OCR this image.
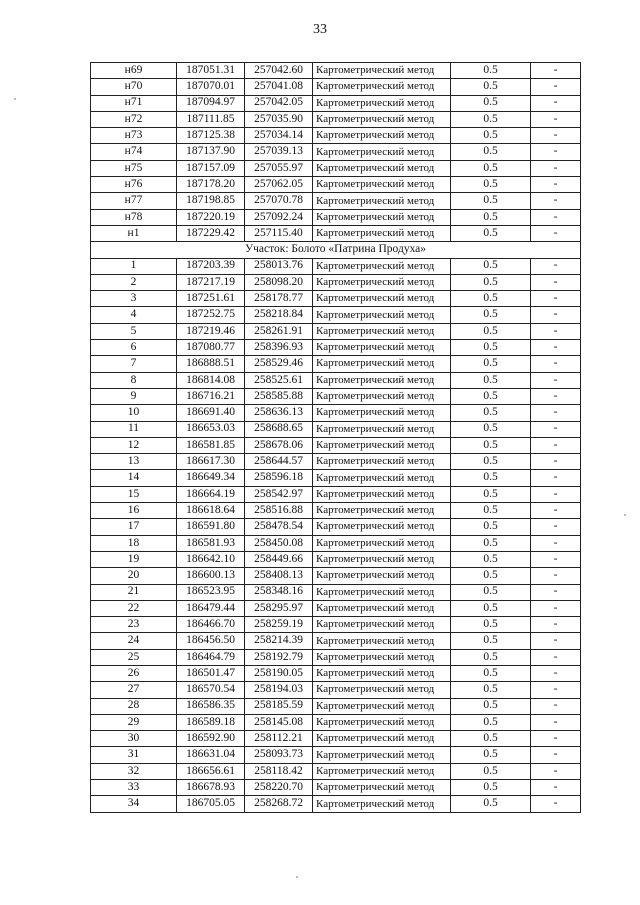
33
н69	187051.31	257042.60	Картометрический метод	0.5	-
н70	187070.01	257041.08	Картометрический метод	0.5	-
н71	187094.97	257042.05	Картометрический метод	0.5	-
н72	187111.85	257035.90	Картометрический метод	0.5	-
н73	187125.38	257034.14	Картометрический метод	0.5	-
н74	187137.90	257039.13	Картометрический метод	0.5	-
н75	187157.09	257055.97	Картометрический метод	0.5	-
н76	187178.20	257062.05	Картометрический метод	0.5	-
н77	187198.85	257070.78	Картометрический метод	0.5	-
н78	187220.19	257092.24	Картометрический метод	0.5	-
н1	187229.42	257115.40	Картометрический метод	0.5	-
Участок: Болото «Патрина Продуха»					
1	187203.39	258013.76	Картометрический метод	0.5	-
2	187217.19	258098.20	Картометрический метод	0.5	-
3	187251.61	258178.77	Картометрический метод	0.5	-
4	187252.75	258218.84	Картометрический метод	0.5	-
5	187219.46	258261.91	Картометрический метод	0.5	-
6	187080.77	258396.93	Картометрический метод	0.5	-
7	186888.51	258529.46	Картометрический метод	0.5	-
8	186814.08	258525.61	Картометрический метод	0.5	-
9	186716.21	258585.88	Картометрический метод	0.5	-
10	186691.40	258636.13	Картометрический метод	0.5	-
11	186653.03	258688.65	Картометрический метод	0.5	-
12	186581.85	258678.06	Картометрический метод	0.5	-
13	186617.30	258644.57	Картометрический метод	0.5	-
14	186649.34	258596.18	Картометрический метод	0.5	-
15	186664.19	258542.97	Картометрический метод	0.5	-
16	186618.64	258516.88	Картометрический метод	0.5	-
17	186591.80	258478.54	Картометрический метод	0.5	-
18	186581.93	258450.08	Картометрический метод	0.5	-
19	186642.10	258449.66	Картометрический метод	0.5	-
20	186600.13	258408.13	Картометрический метод	0.5	-
21	186523.95	258348.16	Картометрический метод	0.5	-
22	186479.44	258295.97	Картометрический метод	0.5	-
23	186466.70	258259.19	Картометрический метод	0.5	-
24	186456.50	258214.39	Картометрический метод	0.5	-
25	186464.79	258192.79	Картометрический метод	0.5	-
26	186501.47	258190.05	Картометрический метод	0.5	-
27	186570.54	258194.03	Картометрический метод	0.5	-
28	186586.35	258185.59	Картометрический метод	0.5	-
29	186589.18	258145.08	Картометрический метод	0.5	-
30	186592.90	258112.21	Картометрический метод	0.5	-
31	186631.04	258093.73	Картометрический метод	0.5	-
32	186656.61	258118.42	Картометрический метод	0.5	-
33	186678.93	258220.70	Картометрический метод	0.5	-
34	186705.05	258268.72	Картометрический метод	0.5	-
